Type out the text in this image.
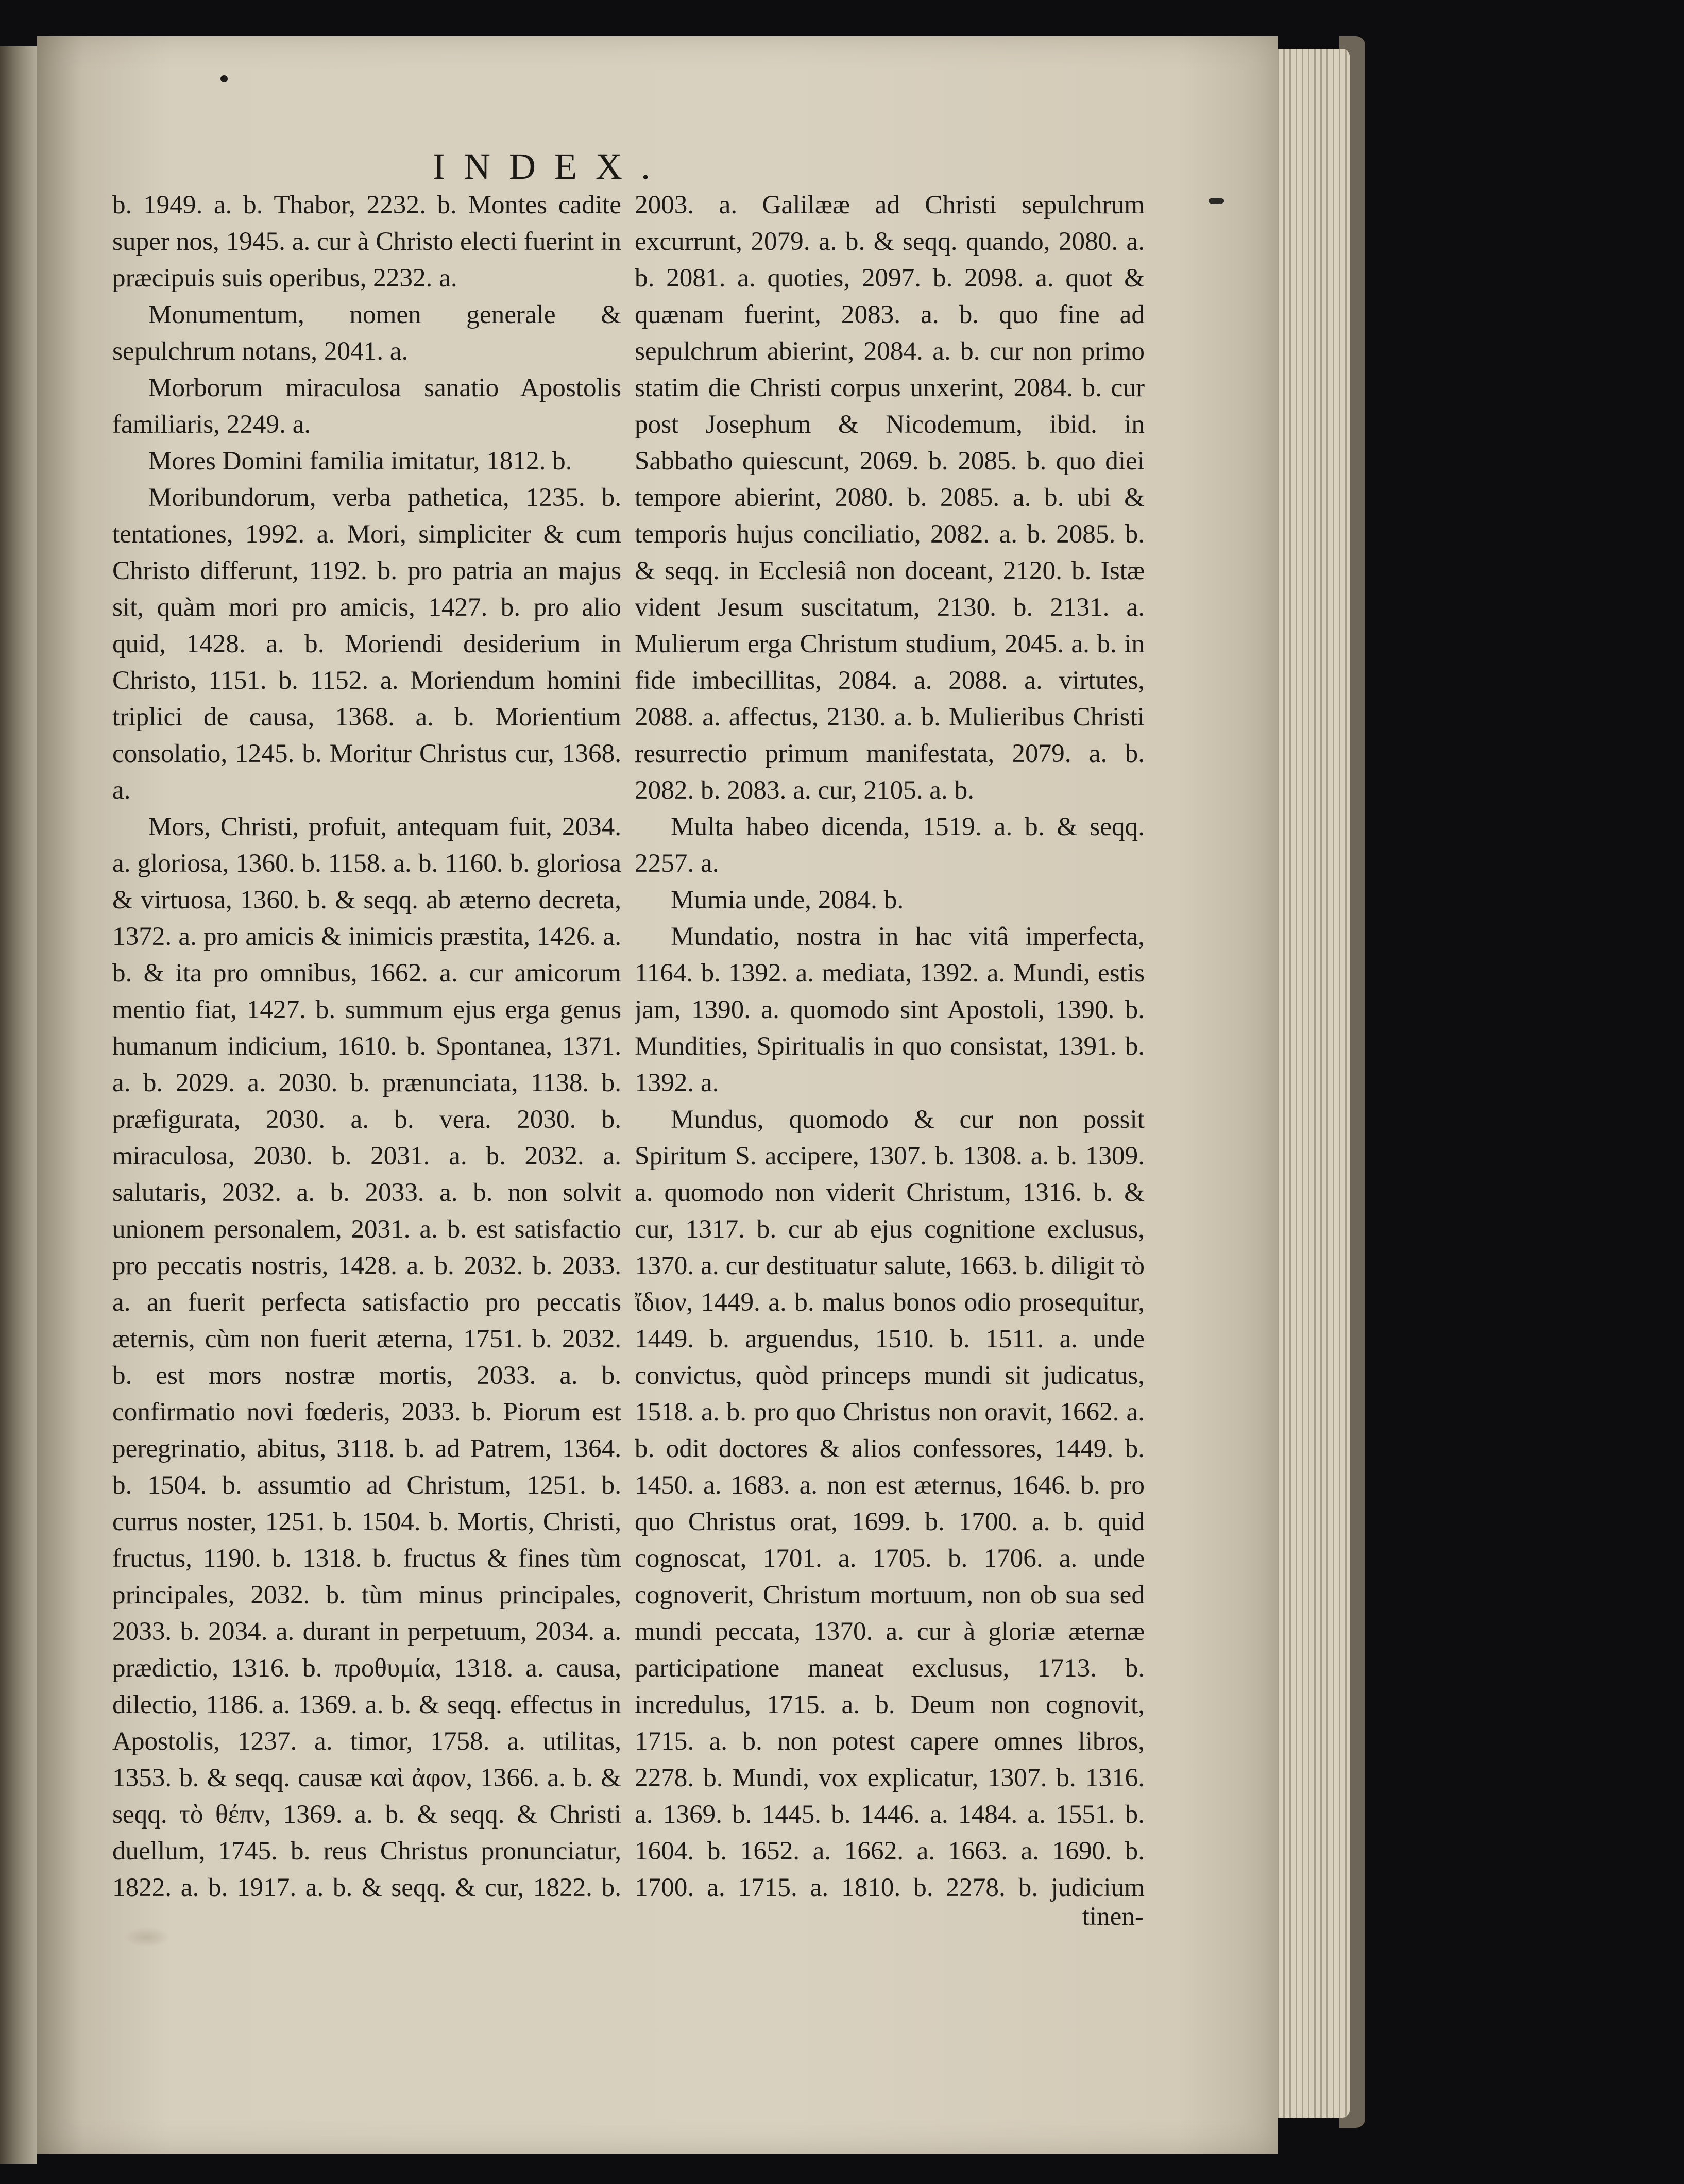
INDEX.

b. 1949. a. b. Thabor, 2232. b. Montes cadite super nos, 1945. a. cur à Christo electi fuerint in præcipuis suis operibus, 2232. a.

Monumentum, nomen generale & sepulchrum notans, 2041. a.

Morborum miraculosa sanatio Apostolis familiaris, 2249. a.

Mores Domini familia imitatur, 1812. b.

Moribundorum, verba pathetica, 1235. b. tentationes, 1992. a. Mori, simpliciter & cum Christo differunt, 1192. b. pro patria an majus sit, quàm mori pro amicis, 1427. b. pro alio quid, 1428. a. b. Moriendi desiderium in Christo, 1151. b. 1152. a. Moriendum homini triplici de causa, 1368. a. b. Morientium consolatio, 1245. b. Moritur Christus cur, 1368. a.

Mors, Christi, profuit, antequam fuit, 2034. a. gloriosa, 1360. b. 1158. a. b. 1160. b. gloriosa & virtuosa, 1360. b. & seqq. ab æterno decreta, 1372. a. pro amicis & inimicis præstita, 1426. a. b. & ita pro omnibus, 1662. a. cur amicorum mentio fiat, 1427. b. summum ejus erga genus humanum indicium, 1610. b. Spontanea, 1371. a. b. 2029. a. 2030. b. prænunciata, 1138. b. præfigurata, 2030. a. b. vera. 2030. b. miraculosa, 2030. b. 2031. a. b. 2032. a. salutaris, 2032. a. b. 2033. a. b. non solvit unionem personalem, 2031. a. b. est satisfactio pro peccatis nostris, 1428. a. b. 2032. b. 2033. a. an fuerit perfecta satisfactio pro peccatis æternis, cùm non fuerit æterna, 1751. b. 2032. b. est mors nostræ mortis, 2033. a. b. confirmatio novi fœderis, 2033. b. Piorum est peregrinatio, abitus, 3118. b. ad Patrem, 1364. b. 1504. b. assumtio ad Christum, 1251. b. currus noster, 1251. b. 1504. b. Mortis, Christi, fructus, 1190. b. 1318. b. fructus & fines tùm principales, 2032. b. tùm minus principales, 2033. b. 2034. a. durant in perpetuum, 2034. a. prædictio, 1316. b. προθυμία, 1318. a. causa, dilectio, 1186. a. 1369. a. b. & seqq. effectus in Apostolis, 1237. a. timor, 1758. a. utilitas, 1353. b. & seqq. causæ καὶ ἀφον, 1366. a. b. & seqq. τὸ θέπν, 1369. a. b. & seqq. & Christi duellum, 1745. b. reus Christus pronunciatur, 1822. a. b. 1917. a. b. & seqq. & cur, 1822. b.

2003. a. Galilææ ad Christi sepulchrum excurrunt, 2079. a. b. & seqq. quando, 2080. a. b. 2081. a. quoties, 2097. b. 2098. a. quot & quænam fuerint, 2083. a. b. quo fine ad sepulchrum abierint, 2084. a. b. cur non primo statim die Christi corpus unxerint, 2084. b. cur post Josephum & Nicodemum, ibid. in Sabbatho quiescunt, 2069. b. 2085. b. quo diei tempore abierint, 2080. b. 2085. a. b. ubi & temporis hujus conciliatio, 2082. a. b. 2085. b. & seqq. in Ecclesiâ non doceant, 2120. b. Istæ vident Jesum suscitatum, 2130. b. 2131. a. Mulierum erga Christum studium, 2045. a. b. in fide imbecillitas, 2084. a. 2088. a. virtutes, 2088. a. affectus, 2130. a. b. Mulieribus Christi resurrectio primum manifestata, 2079. a. b. 2082. b. 2083. a. cur, 2105. a. b.

Multa habeo dicenda, 1519. a. b. & seqq. 2257. a.

Mumia unde, 2084. b.

Mundatio, nostra in hac vitâ imperfecta, 1164. b. 1392. a. mediata, 1392. a. Mundi, estis jam, 1390. a. quomodo sint Apostoli, 1390. b. Mundities, Spiritualis in quo consistat, 1391. b. 1392. a.

Mundus, quomodo & cur non possit Spiritum S. accipere, 1307. b. 1308. a. b. 1309. a. quomodo non viderit Christum, 1316. b. & cur, 1317. b. cur ab ejus cognitione exclusus, 1370. a. cur destituatur salute, 1663. b. diligit τὸ ἴδιον, 1449. a. b. malus bonos odio prosequitur, 1449. b. arguendus, 1510. b. 1511. a. unde convictus, quòd princeps mundi sit judicatus, 1518. a. b. pro quo Christus non oravit, 1662. a. b. odit doctores & alios confessores, 1449. b. 1450. a. 1683. a. non est æternus, 1646. b. pro quo Christus orat, 1699. b. 1700. a. b. quid cognoscat, 1701. a. 1705. b. 1706. a. unde cognoverit, Christum mortuum, non ob sua sed mundi peccata, 1370. a. cur à gloriæ æternæ participatione maneat exclusus, 1713. b. incredulus, 1715. a. b. Deum non cognovit, 1715. a. b. non potest capere omnes libros, 2278. b. Mundi, vox explicatur, 1307. b. 1316. a. 1369. b. 1445. b. 1446. a. 1484. a. 1551. b. 1604. b. 1652. a. 1662. a. 1663. a. 1690. b. 1700. a. 1715. a. 1810. b. 2278. b. judicium

tinen-
